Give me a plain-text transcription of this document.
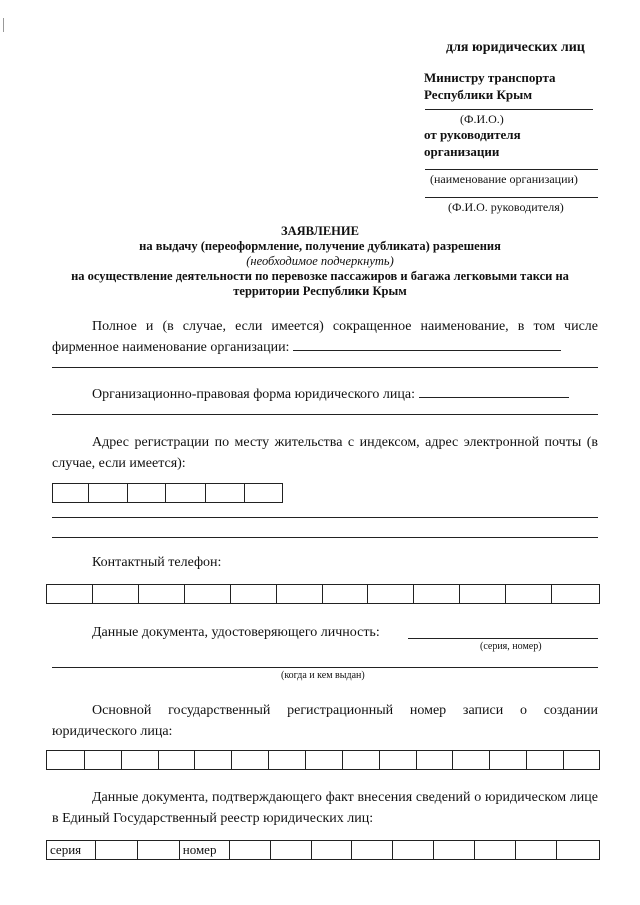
для юридических лиц
Министру транспорта
Республики Крым
(Ф.И.О.)
от руководителя
организации
(наименование организации)
(Ф.И.О. руководителя)
ЗАЯВЛЕНИЕ
на выдачу (переоформление, получение дубликата) разрешения
(необходимое подчеркнуть)
на осуществление деятельности по перевозке пассажиров и багажа легковыми такси на
территории Республики Крым
Полное и (в случае, если имеется) сокращенное наименование, в том числе фирменное наименование организации:
Организационно-правовая форма юридического лица:
Адрес регистрации по месту жительства с индексом, адрес электронной почты (в случае, если имеется):
Контактный телефон:
Данные документа, удостоверяющего личность:
(серия, номер)
(когда и кем выдан)
Основной государственный регистрационный номер записи о создании юридического лица:
Данные документа, подтверждающего факт внесения сведений о юридическом лице в Единый Государственный реестр юридических лиц:
серия	номер
